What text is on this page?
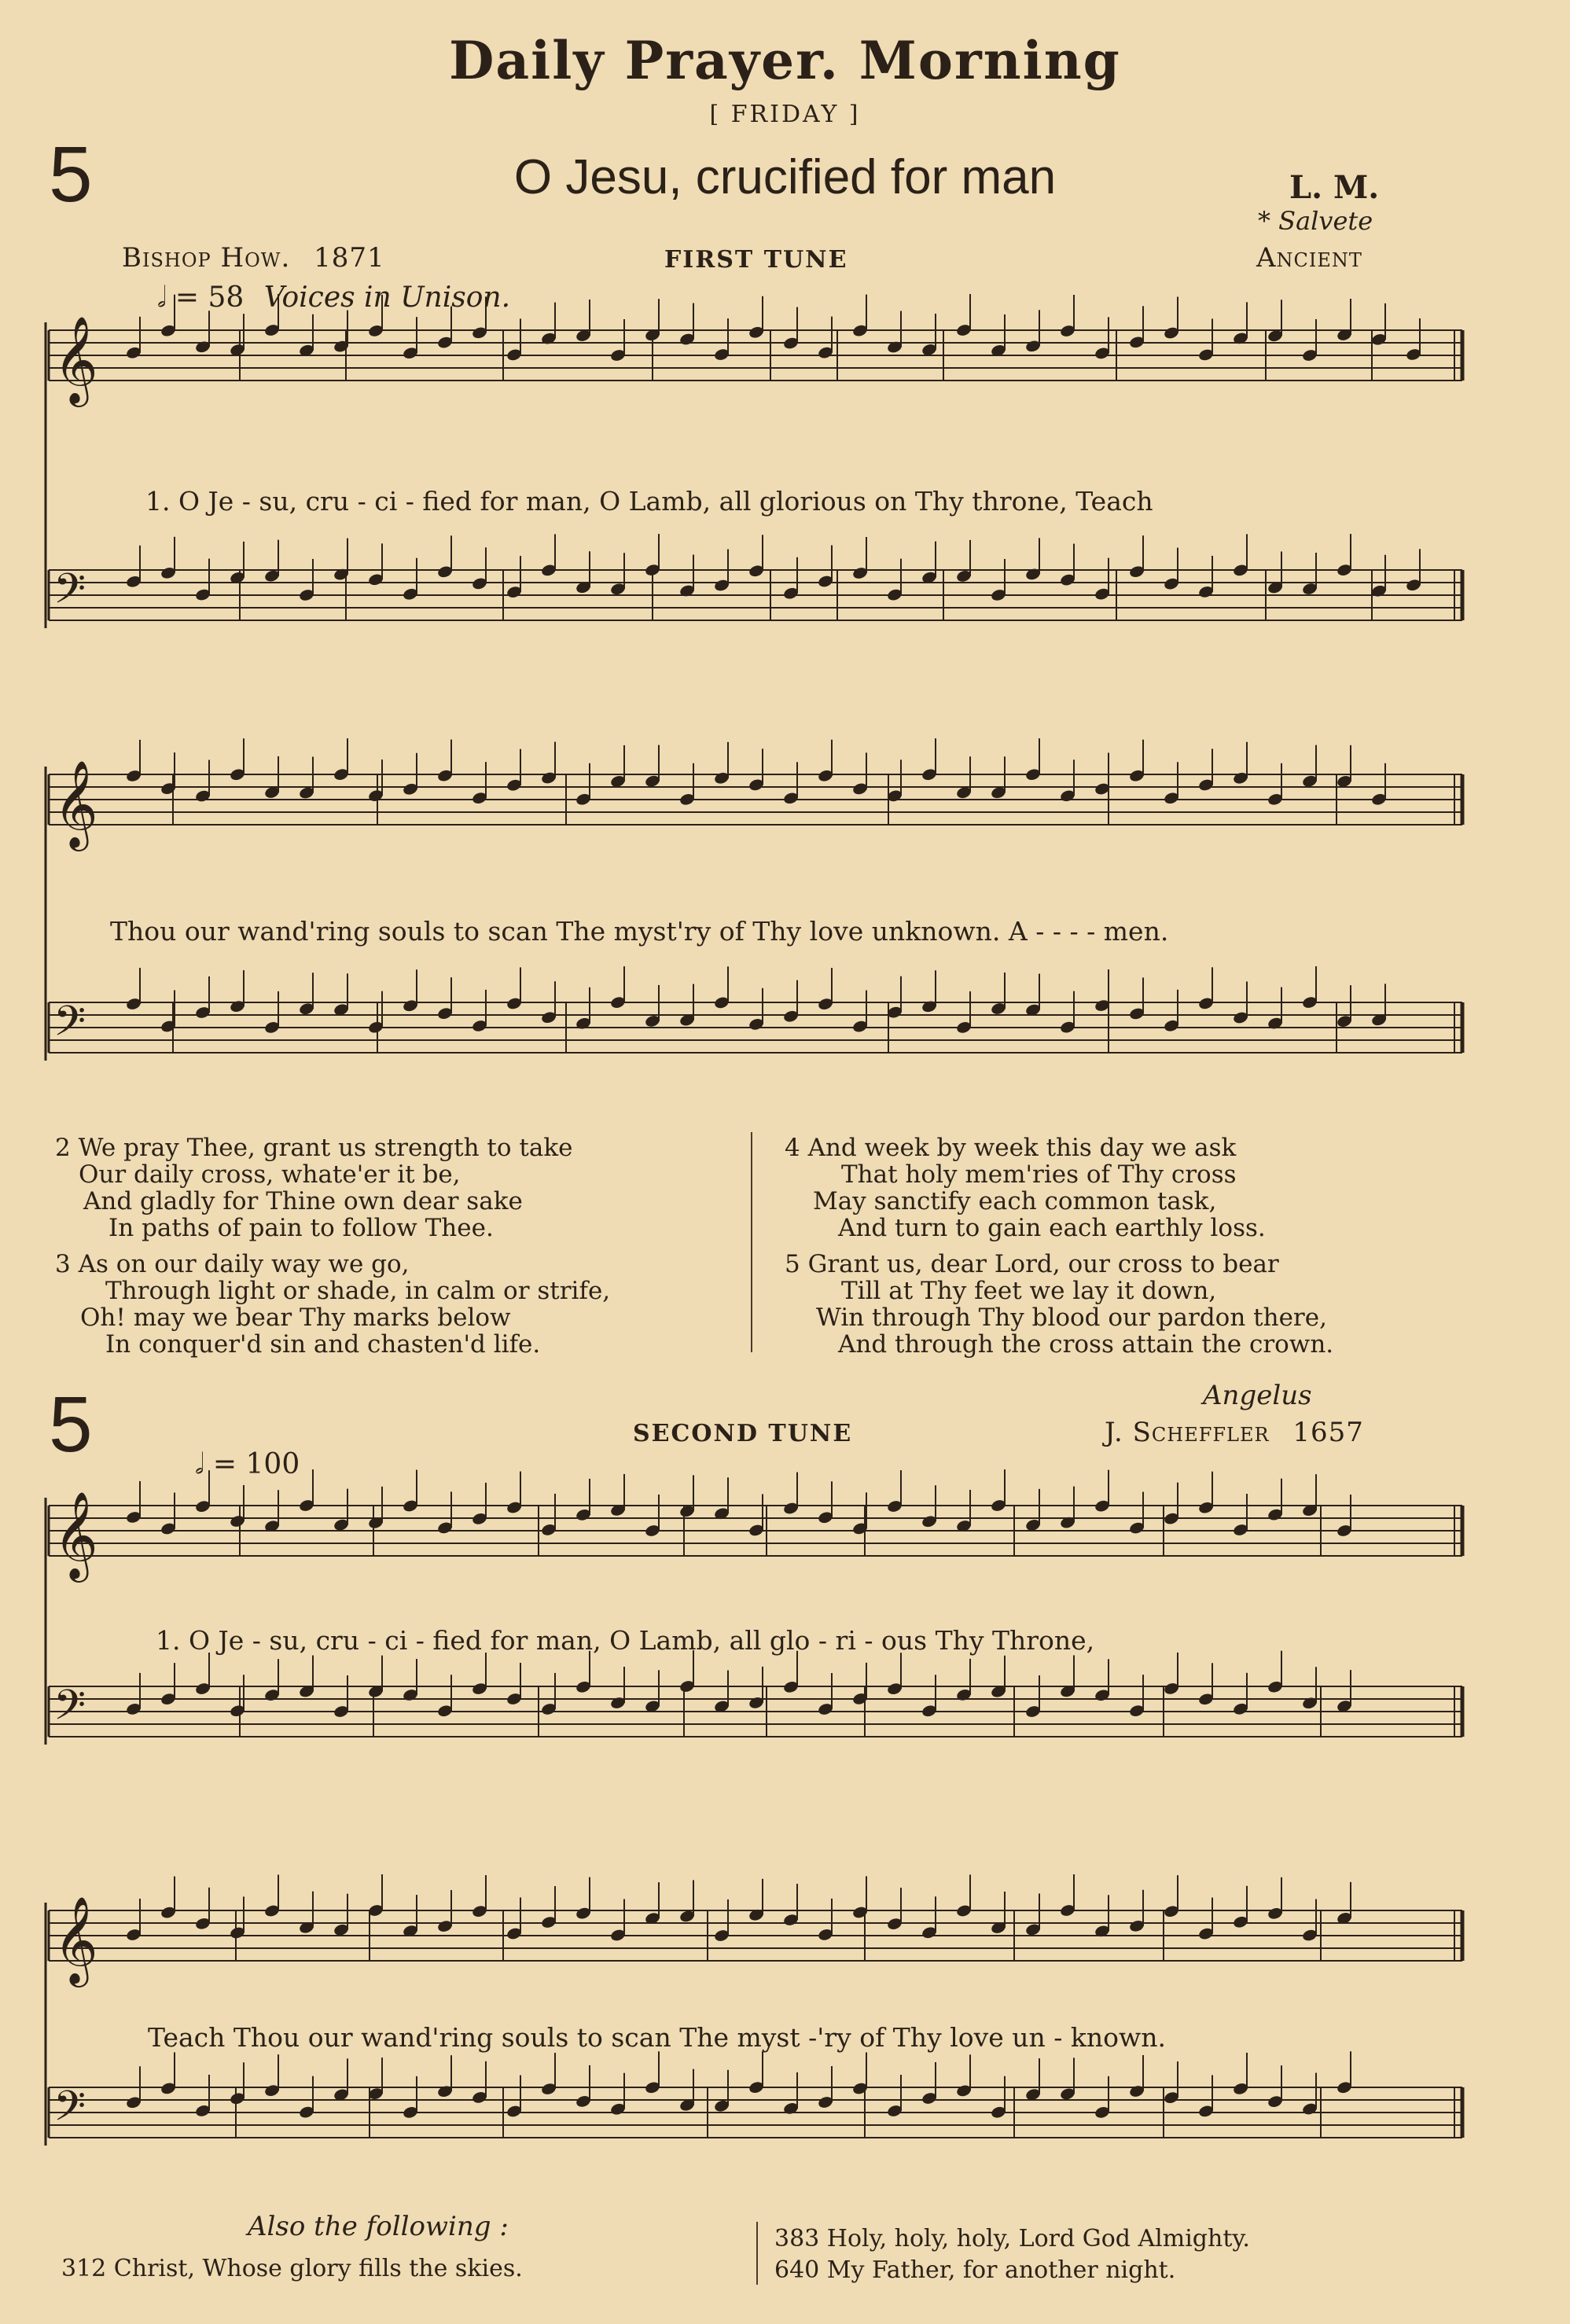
Daily Prayer. Morning
[ FRIDAY ]
5	O Jesu, crucified for man	L. M.
* Salvete
Bishop How. 1871	FIRST TUNE	Ancient
𝅗𝅥 = 58 Voices in Unison.
𝄞
𝄢
𝄞
𝄢
𝄞
𝄢
𝄞
𝄢
1. O Je - su, cru - ci - fied for man, O Lamb, all glorious on Thy throne, Teach
Thou our wand'ring souls to scan The myst'ry of Thy love unknown. A - - - - men.
2 We pray Thee, grant us strength to take
Our daily cross, whate'er it be,
And gladly for Thine own dear sake
In paths of pain to follow Thee.
3 As on our daily way we go,
Through light or shade, in calm or strife,
Oh! may we bear Thy marks below
In conquer'd sin and chasten'd life.
4 And week by week this day we ask
That holy mem'ries of Thy cross
May sanctify each common task,
And turn to gain each earthly loss.
5 Grant us, dear Lord, our cross to bear
Till at Thy feet we lay it down,
Win through Thy blood our pardon there,
And through the cross attain the crown.
5	SECOND TUNE
Angelus
J. Scheffler 1657
𝅗𝅥 = 100
1. O Je - su, cru - ci - fied for man, O Lamb, all glo - ri - ous Thy Throne,
Teach Thou our wand'ring souls to scan The myst -'ry of Thy love un - known.
Also the following :
312 Christ, Whose glory fills the skies.
383 Holy, holy, holy, Lord God Almighty.
640 My Father, for another night.
